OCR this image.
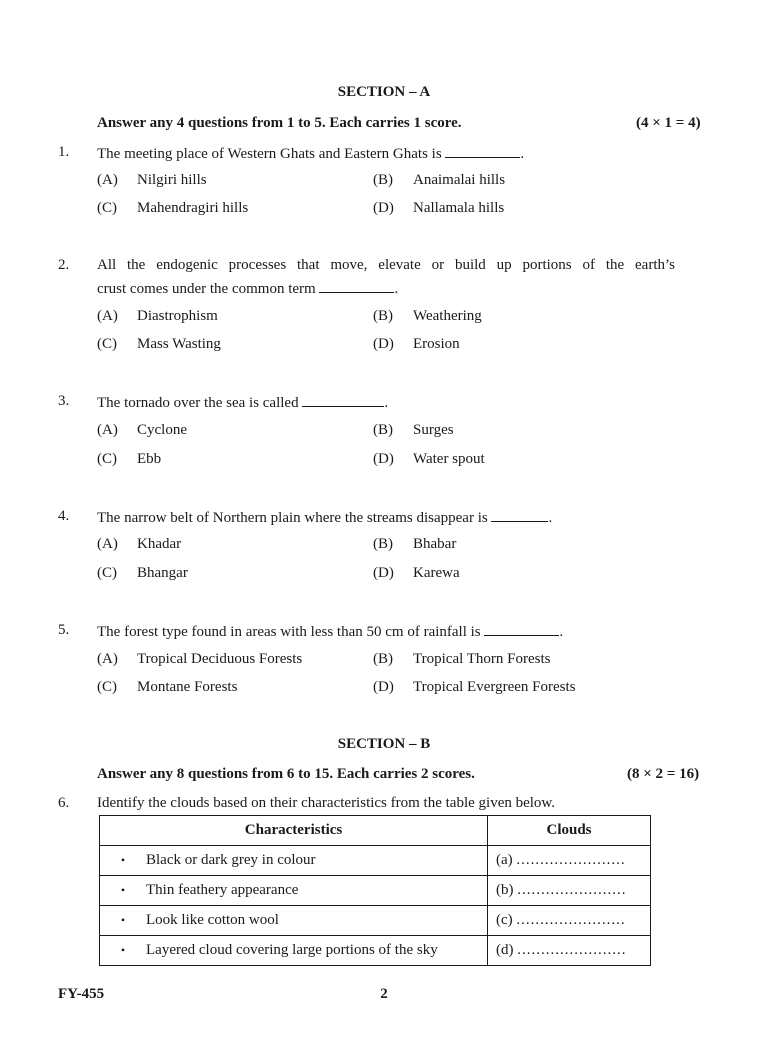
SECTION – A
Answer any 4 questions from 1 to 5. Each carries 1 score.	(4 × 1 = 4)
1. The meeting place of Western Ghats and Eastern Ghats is	.
(A) Nilgiri hills	(B) Anaimalai hills
(C) Mahendragiri hills	(D) Nallamala hills
2. All the endogenic processes that move, elevate or build up portions of the earth’s
crust comes under the common term	.
(A) Diastrophism	(B) Weathering
(C) Mass Wasting	(D) Erosion
3. The tornado over the sea is called	.
(A) Cyclone	(B) Surges
(C) Ebb	(D) Water spout
4. The narrow belt of Northern plain where the streams disappear is	.
(A) Khadar	(B) Bhabar
(C) Bhangar	(D) Karewa
5. The forest type found in areas with less than 50 cm of rainfall is	.
(A) Tropical Deciduous Forests	(B) Tropical Thorn Forests
(C) Montane Forests	(D) Tropical Evergreen Forests
SECTION – B
Answer any 8 questions from 6 to 15. Each carries 2 scores.	(8 × 2 = 16)
6. Identify the clouds based on their characteristics from the table given below.
Characteristics	Clouds
• Black or dark grey in colour	(a) .......................
• Thin feathery appearance	(b) .......................
• Look like cotton wool	(c) .......................
• Layered cloud covering large portions of the sky	(d) .......................
FY-455	2
